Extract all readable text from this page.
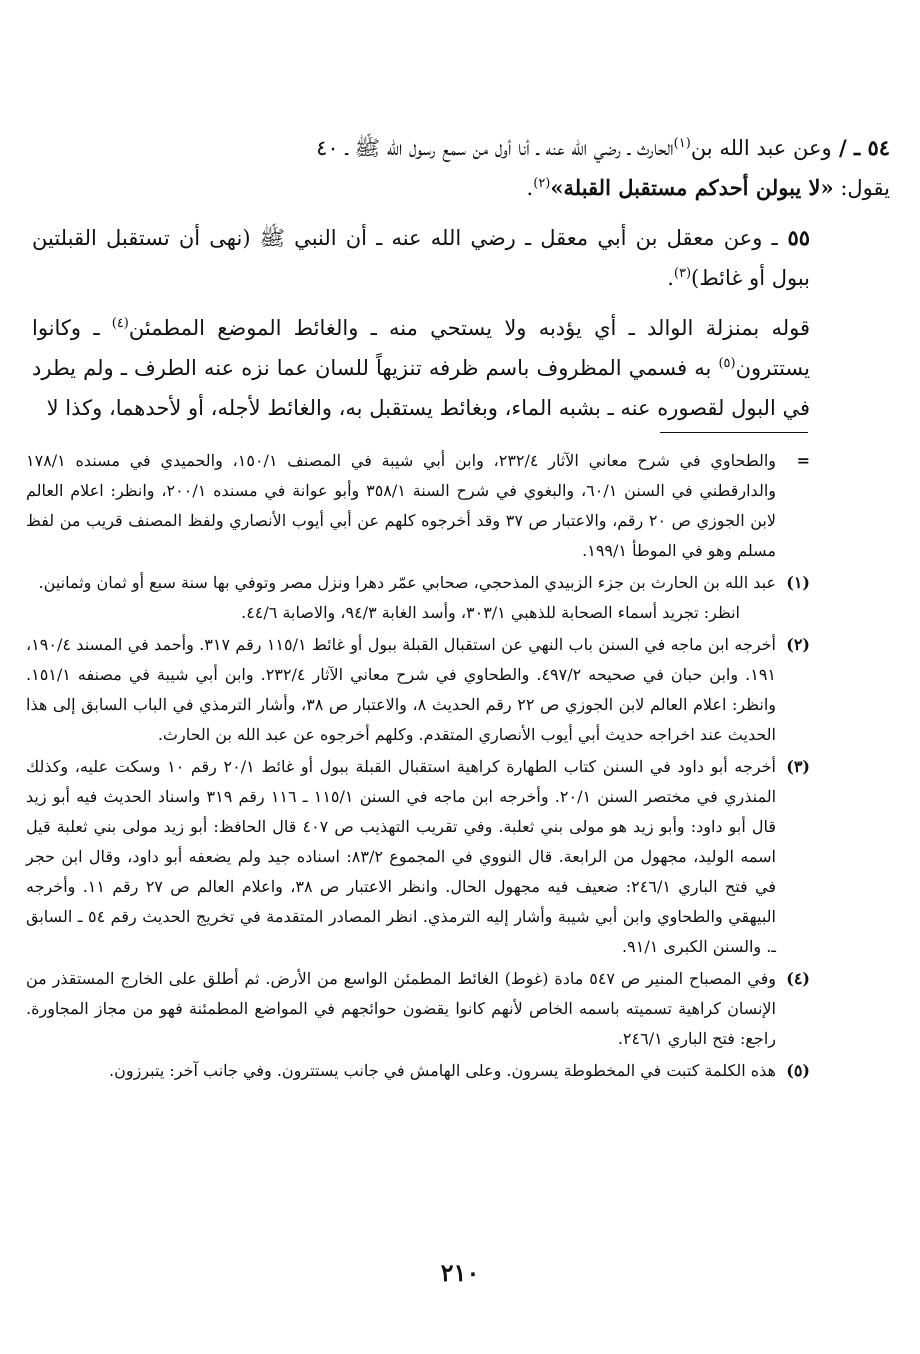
٥٤ ـ / وعن عبد الله بن$^{(١)}$الحارث ـ رضي الله عنه ـ أنا أول من سمع رسول الله ﷺ ـ ٤٠
يقول: «لا يبولن أحدكم مستقبل القبلة»$^{(٢)}$.

٥٥ ـ وعن معقل بن أبي معقل ـ رضي الله عنه ـ أن النبي ﷺ (نهى أن تستقبل القبلتين ببول أو غائط)$^{(٣)}$.

قوله بمنزلة الوالد ـ أي يؤدبه ولا يستحي منه ـ والغائط الموضع المطمئن$^{(٤)}$ ـ وكانوا يستترون$^{(٥)}$ به فسمي المظروف باسم ظرفه تنزيهاً للسان عما نزه عنه الطرف ـ ولم يطرد في البول لقصوره عنه ـ بشبه الماء، وبغائط يستقبل به، والغائط لأجله، أو لأحدهما، وكذا لا

=

والطحاوي في شرح معاني الآثار ٢٣٢/٤، وابن أبي شيبة في المصنف ١٥٠/١، والحميدي في مسنده ١٧٨/١ والدارقطني في السنن ٦٠/١، والبغوي في شرح السنة ٣٥٨/١ وأبو عوانة في مسنده ٢٠٠/١، وانظر: اعلام العالم لابن الجوزي ص ٢٠ رقم، والاعتبار ص ٣٧ وقد أخرجوه كلهم عن أبي أيوب الأنصاري ولفظ المصنف قريب من لفظ مسلم وهو في الموطأ ١٩٩/١.

(١)

عبد الله بن الحارث بن جزء الزبيدي المذحجي، صحابي عمّر دهرا ونزل مصر وتوفي بها سنة سبع أو ثمان وثمانين.

انظر: تجريد أسماء الصحابة للذهبي ٣٠٣/١، وأسد الغابة ٩٤/٣، والاصابة ٤٤/٦.

(٢)

أخرجه ابن ماجه في السنن باب النهي عن استقبال القبلة ببول أو غائط ١١٥/١ رقم ٣١٧. وأحمد في المسند ١٩٠/٤، ١٩١. وابن حبان في صحيحه ٤٩٧/٢. والطحاوي في شرح معاني الآثار ٢٣٢/٤. وابن أبي شيبة في مصنفه ١٥١/١. وانظر: اعلام العالم لابن الجوزي ص ٢٢ رقم الحديث ٨، والاعتبار ص ٣٨، وأشار الترمذي في الباب السابق إلى هذا الحديث عند اخراجه حديث أبي أيوب الأنصاري المتقدم. وكلهم أخرجوه عن عبد الله بن الحارث.

(٣)

أخرجه أبو داود في السنن كتاب الطهارة كراهية استقبال القبلة ببول أو غائط ٢٠/١ رقم ١٠ وسكت عليه، وكذلك المنذري في مختصر السنن ٢٠/١. وأخرجه ابن ماجه في السنن ١١٥/١ ـ ١١٦ رقم ٣١٩ واسناد الحديث فيه أبو زيد قال أبو داود: وأبو زيد هو مولى بني ثعلبة. وفي تقريب التهذيب ص ٤٠٧ قال الحافظ: أبو زيد مولى بني ثعلبة قيل اسمه الوليد، مجهول من الرابعة. قال النووي في المجموع ٨٣/٢: اسناده جيد ولم يضعفه أبو داود، وقال ابن حجر في فتح الباري ٢٤٦/١: ضعيف فيه مجهول الحال. وانظر الاعتبار ص ٣٨، واعلام العالم ص ٢٧ رقم ١١. وأخرجه البيهقي والطحاوي وابن أبي شيبة وأشار إليه الترمذي. انظر المصادر المتقدمة في تخريج الحديث رقم ٥٤ ـ السابق ـ. والسنن الكبرى ٩١/١.

(٤)

وفي المصباح المنير ص ٥٤٧ مادة (غوط) الغائط المطمئن الواسع من الأرض. ثم أطلق على الخارج المستقذر من الإنسان كراهية تسميته باسمه الخاص لأنهم كانوا يقضون حوائجهم في المواضع المطمئنة فهو من مجاز المجاورة. راجع: فتح الباري ٢٤٦/١.

(٥)

هذه الكلمة كتبت في المخطوطة يسرون. وعلى الهامش في جانب يستترون. وفي جانب آخر: يتبرزون.

٢١٠
